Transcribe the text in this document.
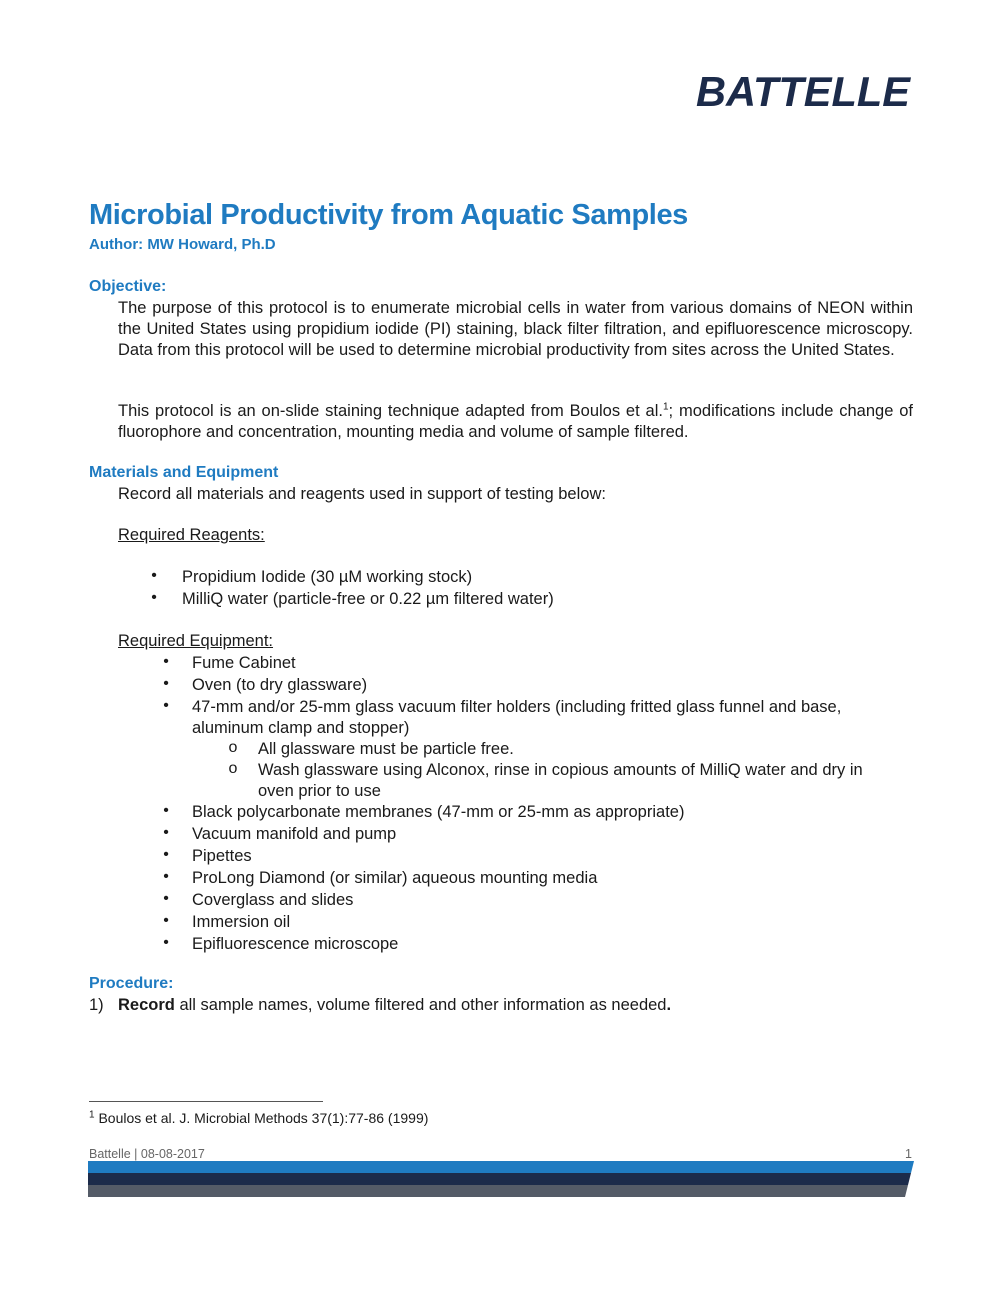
BATTELLE
Microbial Productivity from Aquatic Samples
Author: MW Howard, Ph.D
Objective:
The purpose of this protocol is to enumerate microbial cells in water from various domains of NEON within the United States using propidium iodide (PI) staining, black filter filtration, and epifluorescence microscopy. Data from this protocol will be used to determine microbial productivity from sites across the United States.
This protocol is an on-slide staining technique adapted from Boulos et al.$^1$; modifications include change of fluorophore and concentration, mounting media and volume of sample filtered.
Materials and Equipment
Record all materials and reagents used in support of testing below:
Required Reagents:
• Propidium Iodide (30 µM working stock)
• MilliQ water (particle-free or 0.22 µm filtered water)
Required Equipment:
• Fume Cabinet
• Oven (to dry glassware)
• 47-mm and/or 25-mm glass vacuum filter holders (including fritted glass funnel and base,
aluminum clamp and stopper)
o All glassware must be particle free.
o Wash glassware using Alconox, rinse in copious amounts of MilliQ water and dry in
oven prior to use
• Black polycarbonate membranes (47-mm or 25-mm as appropriate)
• Vacuum manifold and pump
• Pipettes
• ProLong Diamond (or similar) aqueous mounting media
• Coverglass and slides
• Immersion oil
• Epifluorescence microscope
Procedure:
1) Record all sample names, volume filtered and other information as needed.
$^1$ Boulos et al. J. Microbial Methods 37(1):77-86 (1999)
Battelle | 08-08-2017	1
